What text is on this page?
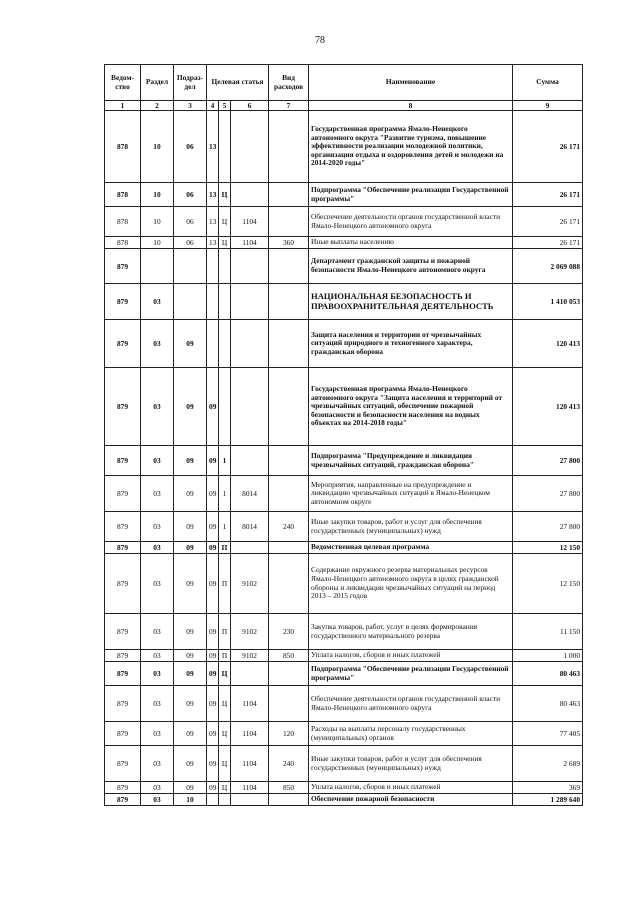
78
Ведом-ство	Раздел	Подраз-дел	Целевая статья			Вид расходов	Наименование	Сумма
1	2	3	4	5	6	7	8	9
878	10	06	13				Государственная программа Ямало-Ненецкого автономного округа "Развитие туризма, повышение эффективности реализации молодежной политики, организация отдыха и оздоровления детей и молодежи на 2014-2020 годы"	26 171
878	10	06	13	Ц			Подпрограмма "Обеспечение реализации Государственной программы"	26 171
878	10	06	13	Ц	1104		Обеспечение деятельности органов государственной власти Ямало-Ненецкого автономного округа	26 171
878	10	06	13	Ц	1104	360	Иные выплаты населению	26 171
879							Департамент гражданской защиты и пожарной безопасности Ямало-Ненецкого автономного округа	2 069 088
879	03						НАЦИОНАЛЬНАЯ БЕЗОПАСНОСТЬ И ПРАВООХРАНИТЕЛЬНАЯ ДЕЯТЕЛЬНОСТЬ	1 410 053
879	03	09					Защита населения и территории от чрезвычайных ситуаций природного и техногенного характера, гражданская оборона	120 413
879	03	09	09				Государственная программа Ямало-Ненецкого автономного округа "Защита населения и территорий от чрезвычайных ситуаций, обеспечение пожарной безопасности и безопасности населения на водных объектах на 2014-2018 годы"	120 413
879	03	09	09	1			Подпрограмма "Предупреждение и ликвидация чрезвычайных ситуаций, гражданская оборона"	27 800
879	03	09	09	1	8014		Мероприятия, направленные на предупреждение и ликвидацию чрезвычайных ситуаций в Ямало-Ненецком автономном округе	27 800
879	03	09	09	1	8014	240	Иные закупки товаров, работ и услуг для обеспечения государственных (муниципальных) нужд	27 800
879	03	09	09	П			Ведомственная целевая программа	12 150
879	03	09	09	П	9102		Содержание окружного резерва материальных ресурсов Ямало-Ненецкого автономного округа в целях гражданской обороны и ликвидации чрезвычайных ситуаций на период 2013 – 2015 годов	12 150
879	03	09	09	П	9102	230	Закупка товаров, работ, услуг в целях формирования государственного материального резерва	11 150
879	03	09	09	П	9102	850	Уплата налогов, сборов и иных платежей	1 000
879	03	09	09	Ц			Подпрограмма "Обеспечение реализации Государственной программы"	80 463
879	03	09	09	Ц	1104		Обеспечение деятельности органов государственной власти Ямало-Ненецкого автономного округа	80 463
879	03	09	09	Ц	1104	120	Расходы на выплаты персоналу государственных (муниципальных) органов	77 405
879	03	09	09	Ц	1104	240	Иные закупки товаров, работ и услуг для обеспечения государственных (муниципальных) нужд	2 689
879	03	09	09	Ц	1104	850	Уплата налогов, сборов и иных платежей	369
879	03	10					Обеспечение пожарной безопасности	1 289 640
